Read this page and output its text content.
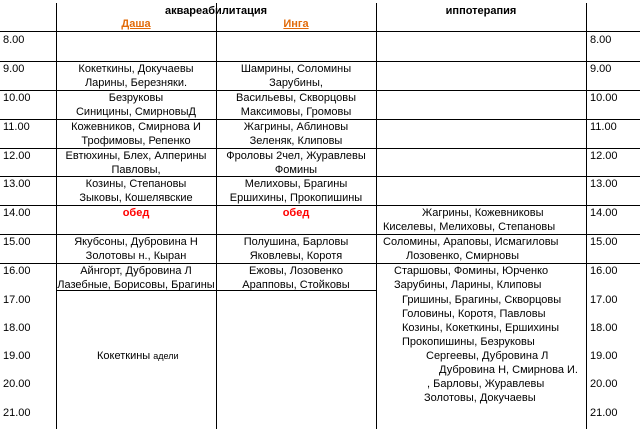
аквареабилитация	иппотерапия
Даша	Инга
8.00
9.00
10.00
11.00
12.00
13.00
14.00
15.00
16.00
17.00
18.00
19.00
20.00
21.00
8.00
9.00
10.00
11.00
12.00
13.00
14.00
15.00
16.00
17.00
18.00
19.00
20.00
21.00
Кокеткины, Докучаевы
Ларины, Березняки.
Безруковы
Синицины, СмирновыД
Кожевников, Смирнова И
Трофимовы, Репенко
Евтюхины, Блех, Алперины
Павловы,
Козины, Степановы
Зыковы, Кошелявские
обед
Якубсоны, Дубровина Н
Золотовы н., Кыран
Айнгорт, Дубровина Л
Лазебные, Борисовы, Брагины
Кокеткины адели
Шамрины, Соломины
Зарубины,
Васильевы, Скворцовы
Максимовы, Громовы
Жагрины, Аблиновы
Зеленяк, Клиповы
Фроловы 2чел, Журавлевы
Фомины
Мелиховы, Брагины
Ершихины, Прокопишины
обед
Полушина, Барловы
Яковлевы, Коротя
Ежовы, Лозовенко
Арапповы, Стойковы
Жагрины, Кожевниковы
Киселевы, Мелиховы, Степановы
Соломины, Араповы, Исмагиловы
Лозовенко, Смирновы
Старшовы, Фомины, Юрченко
Зарубины, Ларины, Клиповы
Гришины, Брагины, Скворцовы
Головины, Коротя, Павловы
Козины, Кокеткины, Ершихины
Прокопишины, Безруковы
Сергеевы, Дубровина Л
Дубровина Н, Смирнова И.
, Барловы, Журавлевы
Золотовы, Докучаевы
